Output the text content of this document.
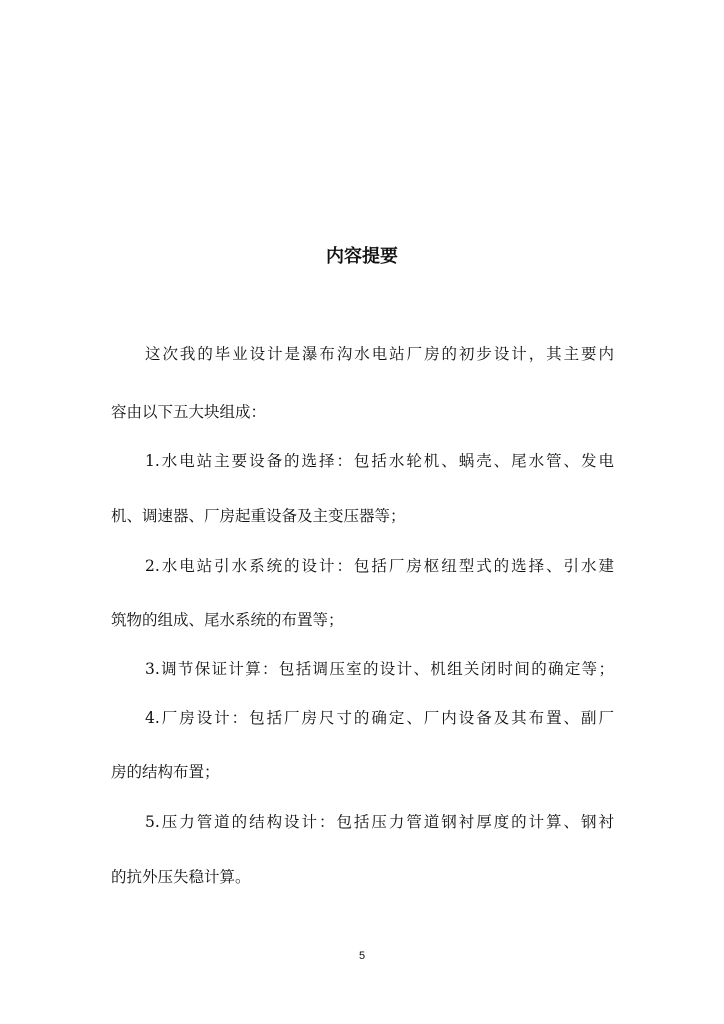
内容提要
这次我的毕业设计是瀑布沟水电站厂房的初步设计，其主要内
容由以下五大块组成：
1.水电站主要设备的选择：包括水轮机、蜗壳、尾水管、发电
机、调速器、厂房起重设备及主变压器等；
2.水电站引水系统的设计：包括厂房枢纽型式的选择、引水建
筑物的组成、尾水系统的布置等；
3.调节保证计算：包括调压室的设计、机组关闭时间的确定等；
4.厂房设计：包括厂房尺寸的确定、厂内设备及其布置、副厂
房的结构布置；
5.压力管道的结构设计：包括压力管道钢衬厚度的计算、钢衬
的抗外压失稳计算。
5
